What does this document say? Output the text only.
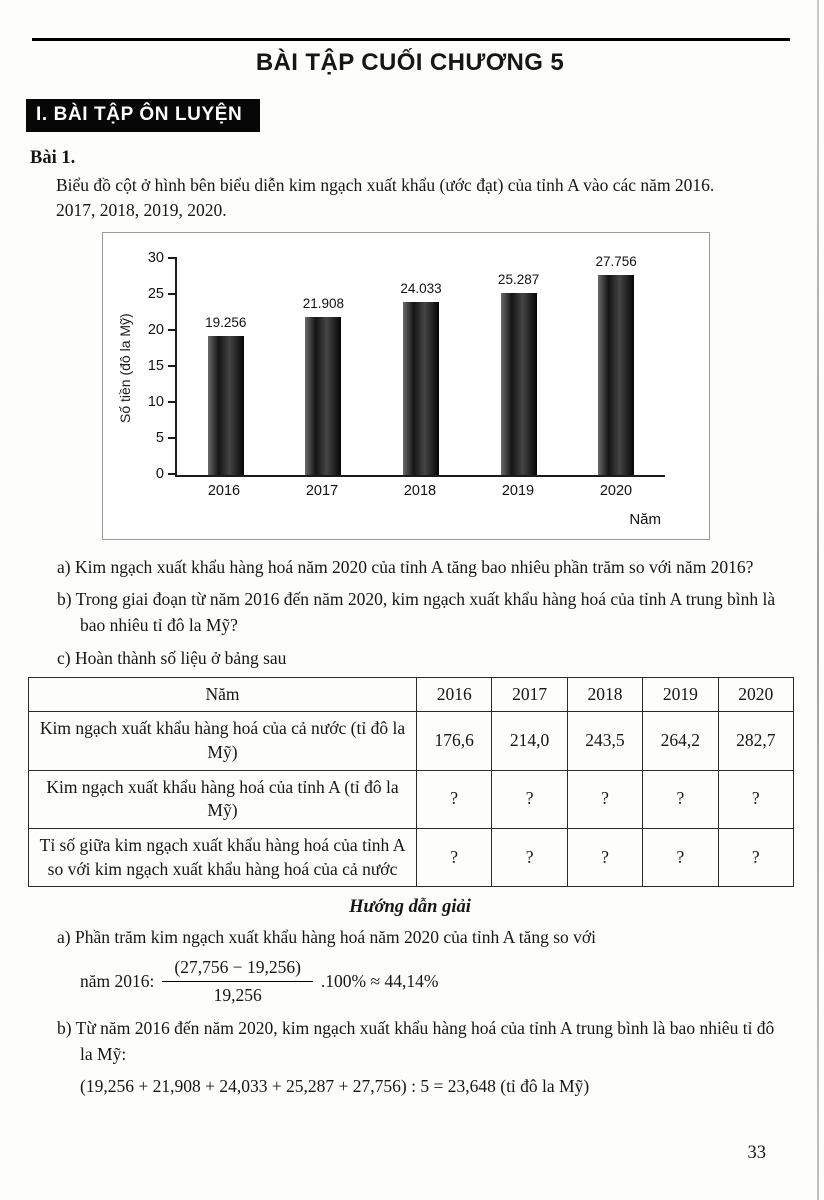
BÀI TẬP CUỐI CHƯƠNG 5
I. BÀI TẬP ÔN LUYỆN
Bài 1.

Biểu đồ cột ở hình bên biểu diễn kim ngạch xuất khẩu (ước đạt) của tỉnh A vào các năm 2016. 2017, 2018, 2019, 2020.

Số tiền (đô la Mỹ)
0
5
10
15
20
25
30
19.256
21.908
24.033
25.287
27.756
2016	2017	2018	2019	2020
Năm

a) Kim ngạch xuất khẩu hàng hoá năm 2020 của tỉnh A tăng bao nhiêu phần trăm so với năm 2016?

b) Trong giai đoạn từ năm 2016 đến năm 2020, kim ngạch xuất khẩu hàng hoá của tỉnh A trung bình là bao nhiêu tỉ đô la Mỹ?

c) Hoàn thành số liệu ở bảng sau

Năm	2016	2017	2018	2019	2020
Kim ngạch xuất khẩu hàng hoá của cả nước (tỉ đô la Mỹ)	176,6	214,0	243,5	264,2	282,7
Kim ngạch xuất khẩu hàng hoá của tỉnh A (tỉ đô la Mỹ)	?	?	?	?	?
Tỉ số giữa kim ngạch xuất khẩu hàng hoá của tỉnh A so với kim ngạch xuất khẩu hàng hoá của cả nước	?	?	?	?	?
Hướng dẫn giải

a) Phần trăm kim ngạch xuất khẩu hàng hoá năm 2020 của tỉnh A tăng so với

năm 2016: $\frac{(27,756 - 19,256)}{19,256} .100\% \approx 44,14\%$

b) Từ năm 2016 đến năm 2020, kim ngạch xuất khẩu hàng hoá của tỉnh A trung bình là bao nhiêu tỉ đô la Mỹ:

(19,256 + 21,908 + 24,033 + 25,287 + 27,756) : 5 = 23,648 (tỉ đô la Mỹ)

33
